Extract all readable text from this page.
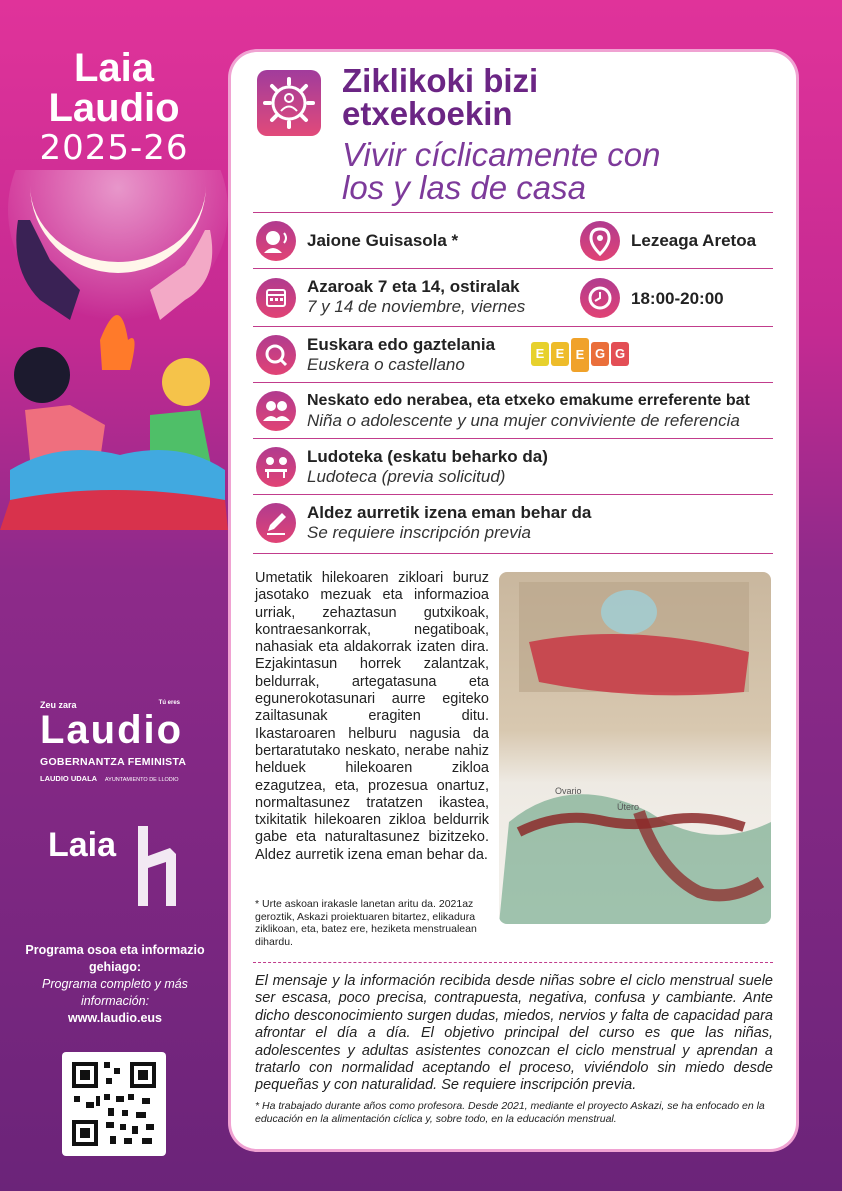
Laia
Laudio
2025-26
Zeu zara	Tú eres
Laudio
GOBERNANTZA FEMINISTA
LAUDIO UDALA AYUNTAMIENTO DE LLODIO
Laia
Programa osoa eta informazio gehiago:
Programa completo y más información:
www.laudio.eus
Ziklikoki bizi etxekoekin
Vivir cíclicamente con los y las de casa
Jaione Guisasola *	Lezeaga Aretoa
Azaroak 7 eta 14, ostiralak
7 y 14 de noviembre, viernes	18:00-20:00
Euskara edo gaztelania
Euskera o castellano
E E E G G
Neskato edo nerabea, eta etxeko emakume erreferente bat
Niña o adolescente y una mujer conviviente de referencia
Ludoteka (eskatu beharko da)
Ludoteca (previa solicitud)
Aldez aurretik izena eman behar da
Se requiere inscripción previa
Umetatik hilekoaren zikloari buruz jasotako mezuak eta informazioa urriak, zehaztasun gutxikoak, kontraesankorrak, negatiboak, nahasiak eta aldakorrak izaten dira. Ezjakintasun horrek zalantzak, beldurrak, artegatasuna eta egunerokotasunari aurre egiteko zailtasunak eragiten ditu. Ikastaroaren helburu nagusia da bertaratutako neskato, nerabe nahiz helduek hilekoaren zikloa ezagutzea, eta, prozesua onartuz, normaltasunez tratatzen ikastea, txikitatik hilekoaren zikloa beldurrik gabe eta naturaltasunez bizitzeko. Aldez aurretik izena eman behar da.
Ovario
Útero
* Urte askoan irakasle lanetan aritu da. 2021az geroztik, Askazi proiektuaren bitartez, elikadura ziklikoan, eta, batez ere, heziketa menstrualean dihardu.
El mensaje y la información recibida desde niñas sobre el ciclo menstrual suele ser escasa, poco precisa, contrapuesta, negativa, confusa y cambiante. Ante dicho desconocimiento surgen dudas, miedos, nervios y falta de capacidad para afrontar el día a día. El objetivo principal del curso es que las niñas, adolescentes y adultas asistentes conozcan el ciclo menstrual y aprendan a tratarlo con normalidad aceptando el proceso, viviéndolo sin miedo desde pequeñas y con naturalidad. Se requiere inscripción previa.
* Ha trabajado durante años como profesora. Desde 2021, mediante el proyecto Askazi, se ha enfocado en la educación en la alimentación cíclica y, sobre todo, en la educación menstrual.
